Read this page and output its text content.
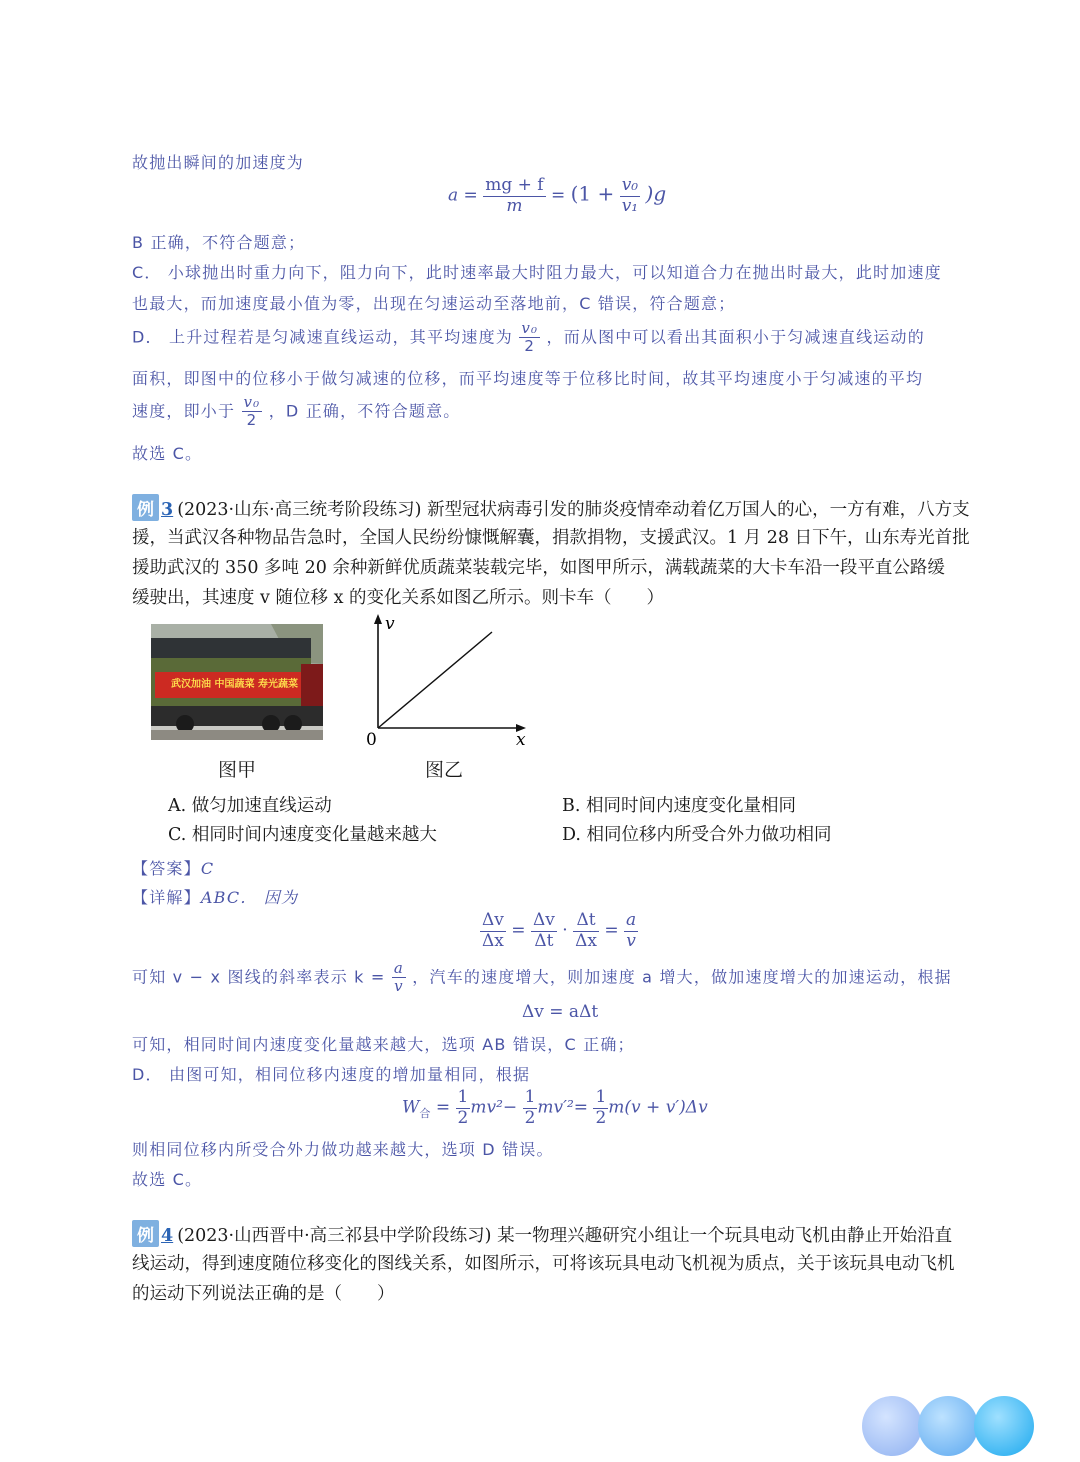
故抛出瞬间的加速度为
$a = \frac{mg + f}{m} = (1 + \frac{\text{v₀}}{\text{v₁}} )g$
B 正确，不符合题意；
C． 小球抛出时重力向下，阻力向下，此时速率最大时阻力最大，可以知道合力在抛出时最大，此时加速度
也最大，而加速度最小值为零，出现在匀速运动至落地前，C 错误，符合题意；
D． 上升过程若是匀减速直线运动，其平均速度为 $\frac{\text{v₀}}{2}$ ，而从图中可以看出其面积小于匀减速直线运动的
面积，即图中的位移小于做匀减速的位移，而平均速度等于位移比时间，故其平均速度小于匀减速的平均
速度，即小于 $\frac{\text{v₀}}{2}$ ，D 正确，不符合题意。
故选 C。
例 3 (2023·山东·高三统考阶段练习) 新型冠状病毒引发的肺炎疫情牵动着亿万国人的心，一方有难，八方支
援，当武汉各种物品告急时，全国人民纷纷慷慨解囊，捐款捐物，支援武汉。1 月 28 日下午，山东寿光首批
援助武汉的 350 多吨 20 余种新鲜优质蔬菜装载完毕，如图甲所示，满载蔬菜的大卡车沿一段平直公路缓
缓驶出，其速度 v 随位移 x 的变化关系如图乙所示。则卡车（　　）
武汉加油 中国蔬菜 寿光蔬菜
图甲
v
x
0
图乙
A. 做匀加速直线运动	B. 相同时间内速度变化量相同
C. 相同时间内速度变化量越来越大	D. 相同位移内所受合外力做功相同
【答案】C
【详解】ABC． 因为
$\frac{\Delta v}{\Delta x} = \frac{\Delta v}{\Delta t} \cdot \frac{\Delta t}{\Delta x} = \frac{a}{v}$
可知 v − x 图线的斜率表示 $k = \frac{a}{v}$ ，汽车的速度增大，则加速度 a 增大，做加速度增大的加速运动，根据
Δv = aΔt
可知，相同时间内速度变化量越来越大，选项 AB 错误，C 正确；
D． 由图可知，相同位移内速度的增加量相同，根据
$W_合 = \frac{1}{2} mv^2- \frac{1}{2} mv'^2= \frac{1}{2} m(v + v')\Delta v$
则相同位移内所受合外力做功越来越大，选项 D 错误。
故选 C。
例 4 (2023·山西晋中·高三祁县中学阶段练习) 某一物理兴趣研究小组让一个玩具电动飞机由静止开始沿直
线运动，得到速度随位移变化的图线关系，如图所示，可将该玩具电动飞机视为质点，关于该玩具电动飞机
的运动下列说法正确的是（　　）
